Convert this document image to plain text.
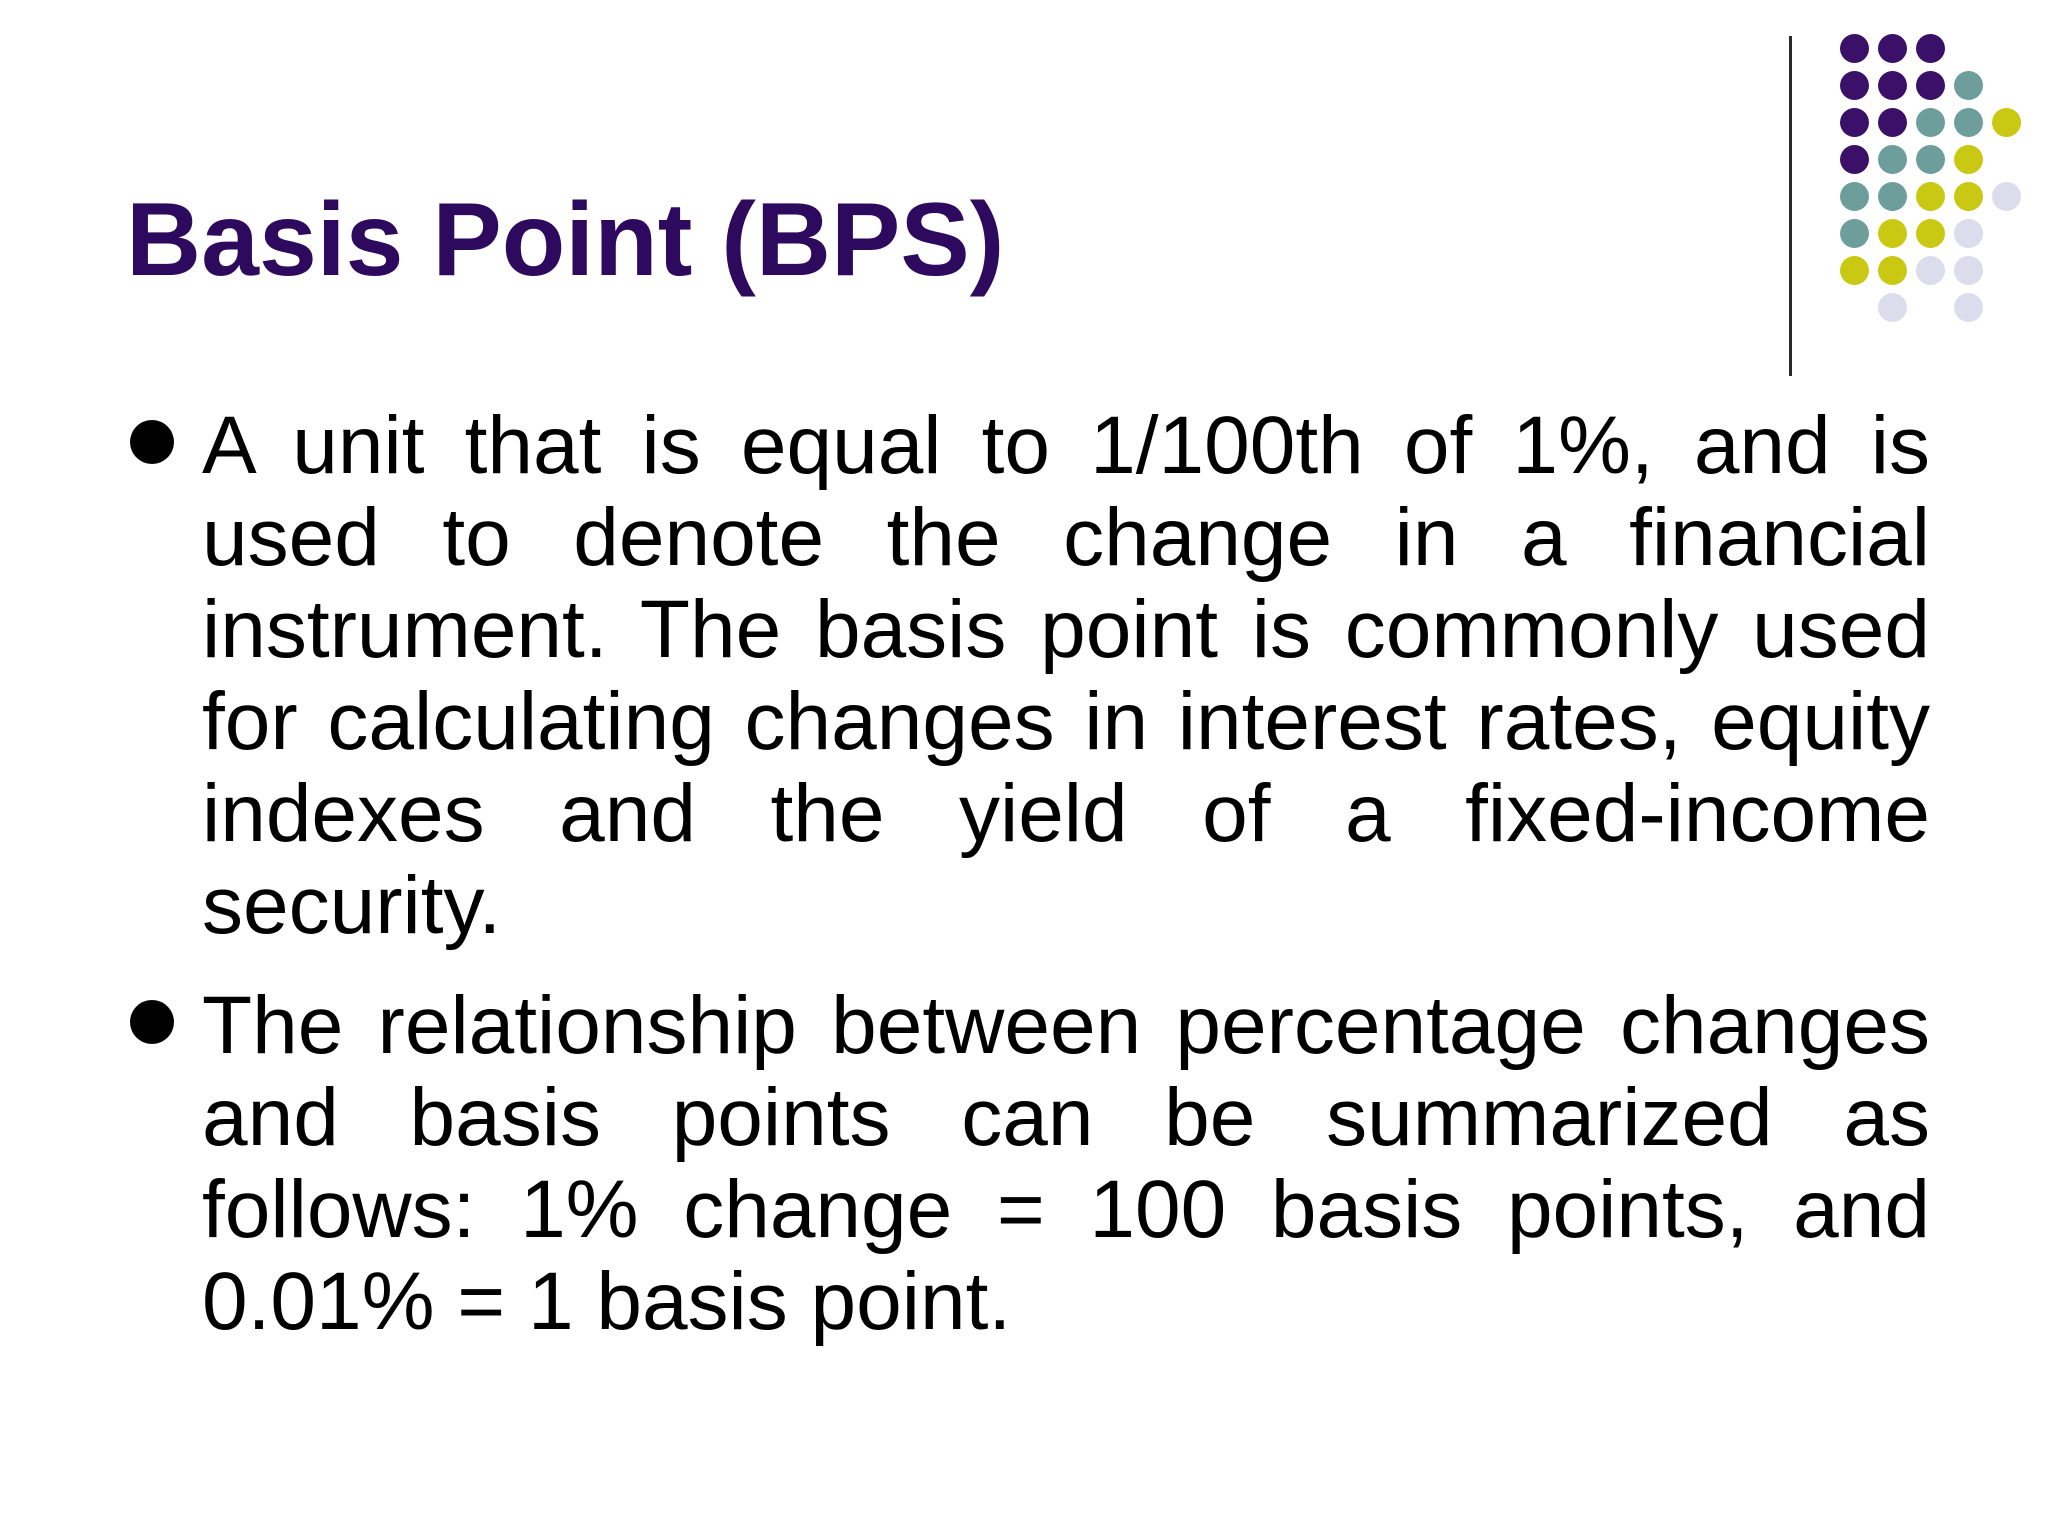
Basis Point (BPS)

A unit that is equal to 1/100th of 1%, and is used to denote the change in a financial instrument. The basis point is commonly used for calculating changes in interest rates, equity indexes and the yield of a fixed-income security.

The relationship between percentage changes and basis points can be summarized as follows: 1% change = 100 basis points, and 0.01% = 1 basis point.
